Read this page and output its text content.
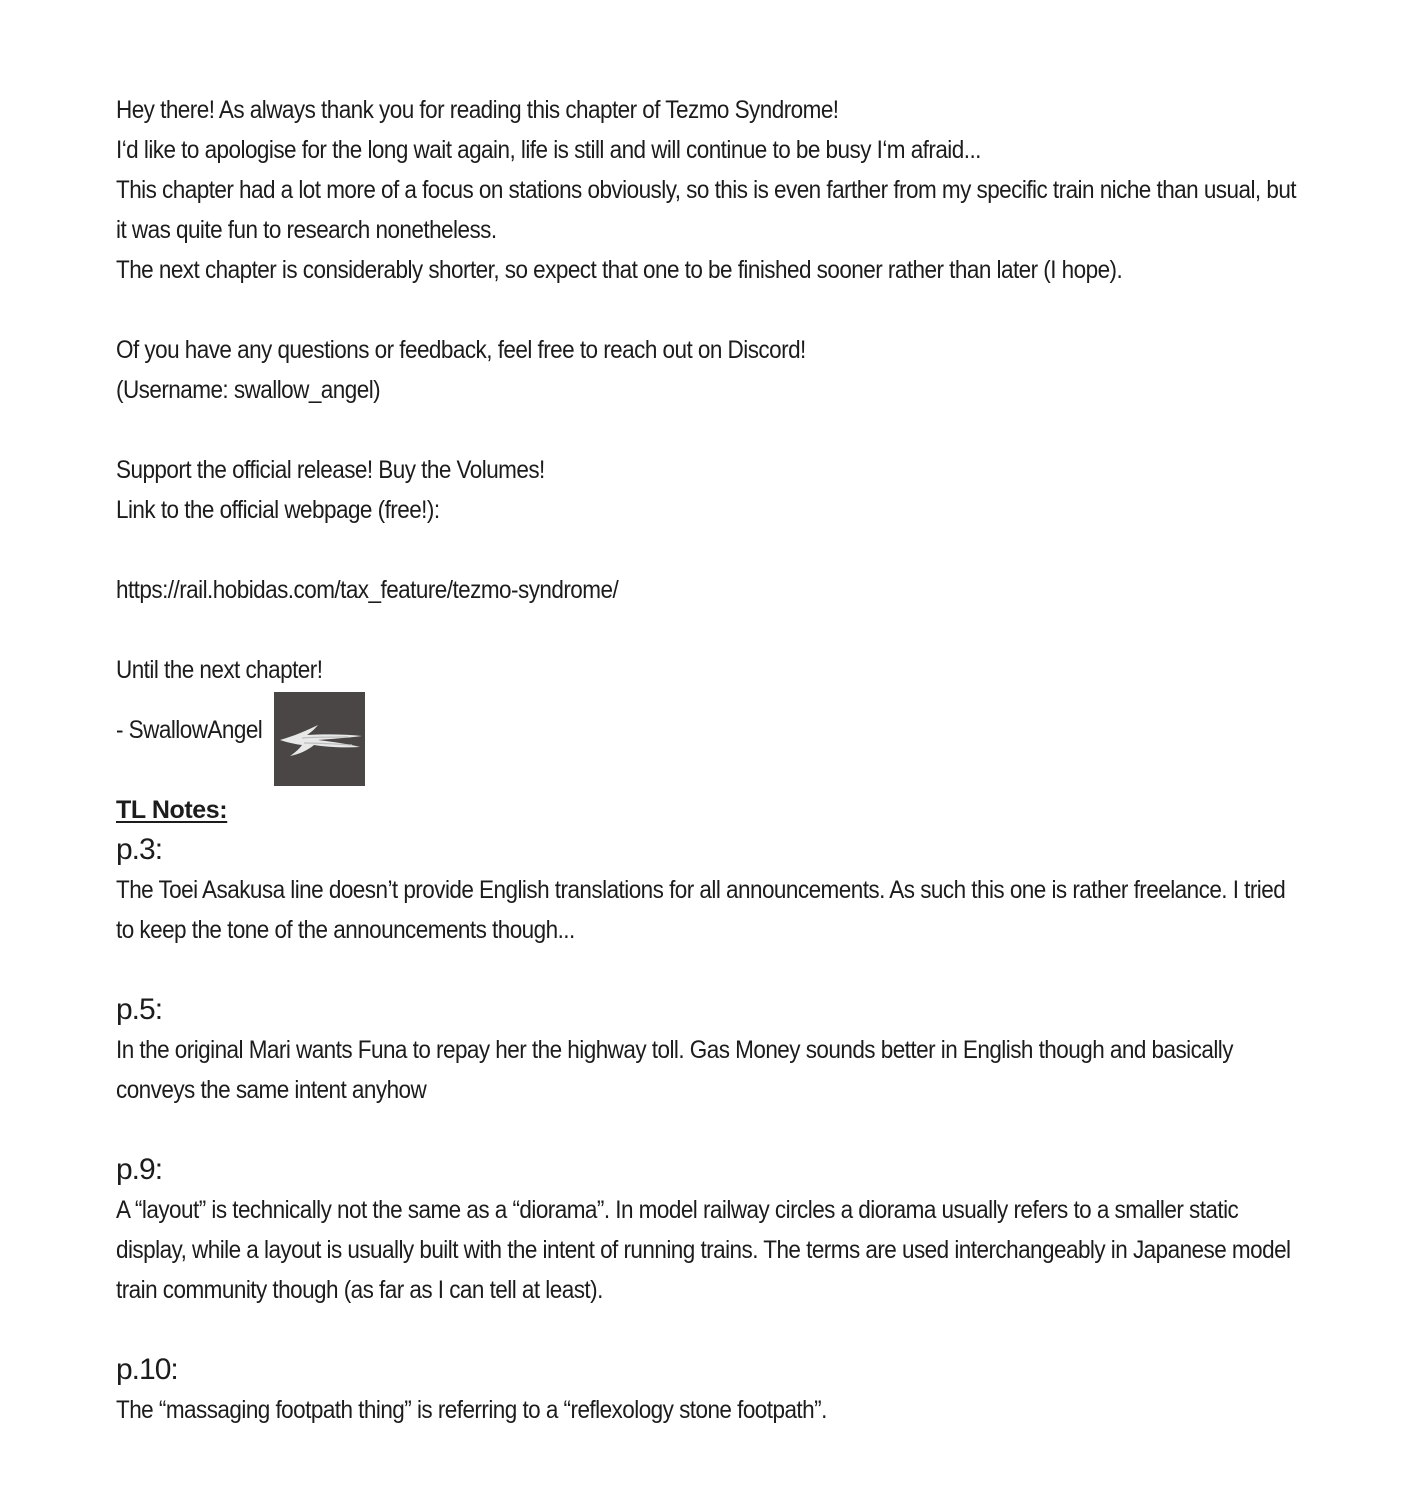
Hey there! As always thank you for reading this chapter of Tezmo Syndrome!
I‘d like to apologise for the long wait again, life is still and will continue to be busy I‘m afraid...
This chapter had a lot more of a focus on stations obviously, so this is even farther from my specific train niche than usual, but
it was quite fun to research nonetheless.
The next chapter is considerably shorter, so expect that one to be finished sooner rather than later (I hope).
Of you have any questions or feedback, feel free to reach out on Discord!
(Username: swallow_angel)
Support the official release! Buy the Volumes!
Link to the official webpage (free!):
https://rail.hobidas.com/tax_feature/tezmo-syndrome/
Until the next chapter!
- SwallowAngel
TL Notes:
p.3:
The Toei Asakusa line doesn’t provide English translations for all announcements. As such this one is rather freelance. I tried
to keep the tone of the announcements though...
p.5:
In the original Mari wants Funa to repay her the highway toll. Gas Money sounds better in English though and basically
conveys the same intent anyhow
p.9:
A “layout” is technically not the same as a “diorama”. In model railway circles a diorama usually refers to a smaller static
display, while a layout is usually built with the intent of running trains. The terms are used interchangeably in Japanese model
train community though (as far as I can tell at least).
p.10:
The “massaging footpath thing” is referring to a “reflexology stone footpath”.
